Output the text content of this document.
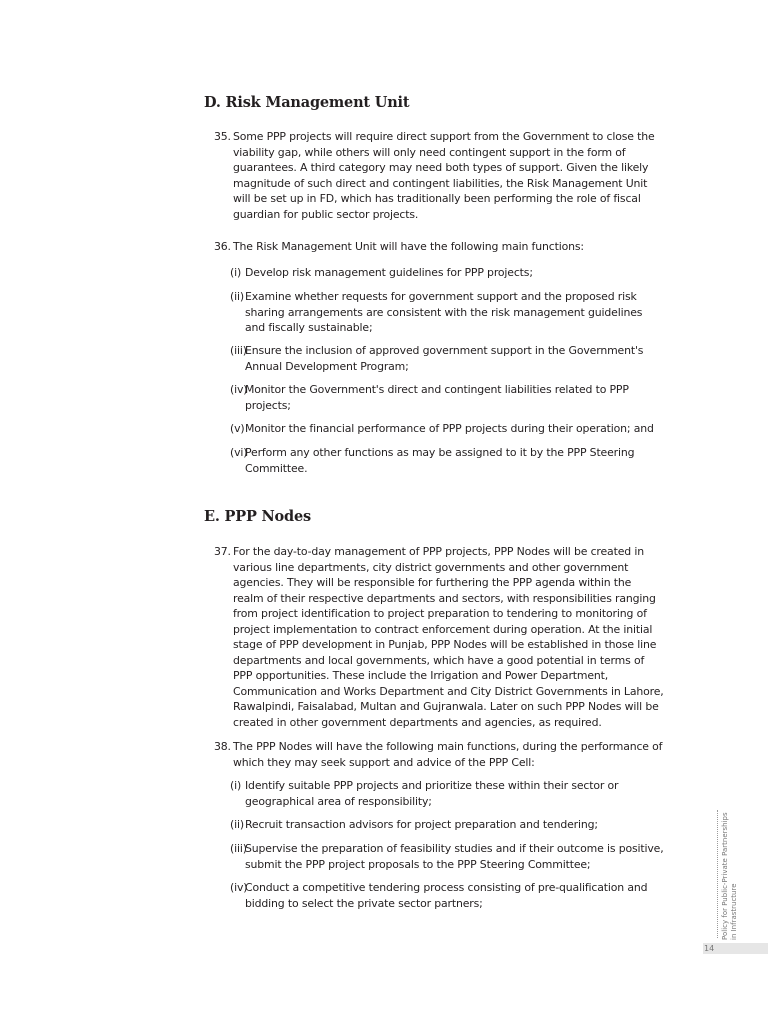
D. Risk Management Unit
35. Some PPP projects will require direct support from the Government to close the
viability gap, while others will only need contingent support in the form of guarantees. A third category may need both types of support. Given the likely magnitude of such direct and contingent liabilities, the Risk Management Unit will be set up in FD, which has traditionally been performing the role of fiscal guardian for public sector projects.
36. The Risk Management Unit will have the following main functions:
(i) Develop risk management guidelines for PPP projects;
(ii) Examine whether requests for government support and the proposed risk sharing arrangements are consistent with the risk management guidelines and fiscally sustainable;
(iii)
Ensure the inclusion of approved government support in the Government's Annual Development Program;
(iv)
Monitor the Government's direct and contingent liabilities related to PPP projects;
(v) Monitor the financial performance of PPP projects during their operation; and
(vi)
Perform any other functions as may be assigned to it by the PPP Steering Committee.
E. PPP Nodes
37. For the day-to-day management of PPP projects, PPP Nodes will be created in
various line departments, city district governments and other government agencies. They will be responsible for furthering the PPP agenda within the realm of their respective departments and sectors, with responsibilities ranging from project identification to project preparation to tendering to monitoring of project implementation to contract enforcement during operation. At the initial stage of PPP development in Punjab, PPP Nodes will be established in those line departments and local governments, which have a good potential in terms of PPP opportunities. These include the Irrigation and Power Department, Communication and Works Department and City District Governments in Lahore, Rawalpindi, Faisalabad, Multan and Gujranwala. Later on such PPP Nodes will be created in other government departments and agencies, as required.
38. The PPP Nodes will have the following main functions, during the performance of
which they may seek support and advice of the PPP Cell:
(i) Identify suitable PPP projects and prioritize these within their sector or geographical area of responsibility;
(ii) Recruit transaction advisors for project preparation and tendering;
(iii)
Supervise the preparation of feasibility studies and if their outcome is positive, submit the PPP project proposals to the PPP Steering Committee;
(iv)
Conduct a competitive tendering process consisting of pre-qualification and bidding to select the private sector partners;	Policy for Public-Private Partnerships in Infrastructure
14
